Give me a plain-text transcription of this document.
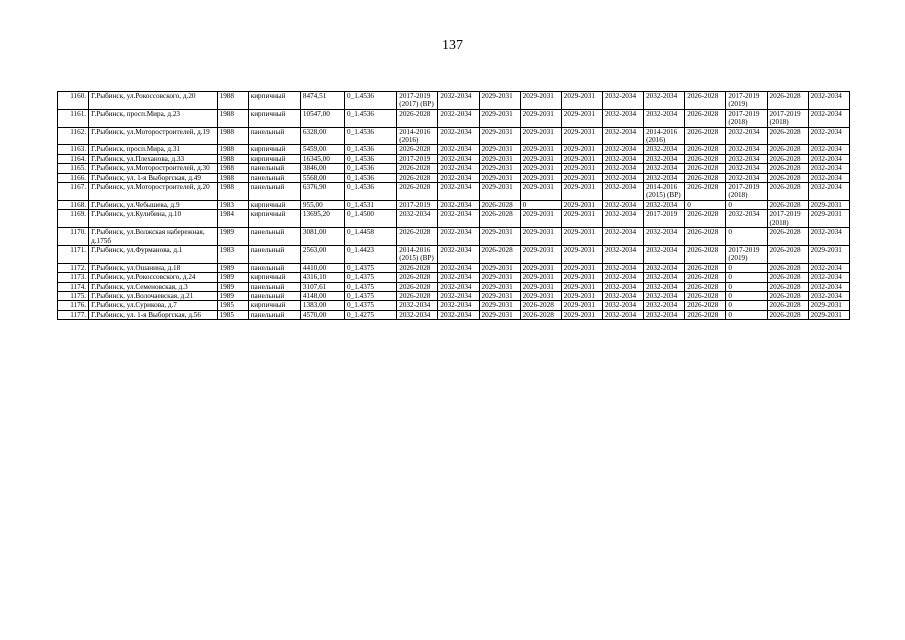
137
1160.	Г.Рыбинск, ул.Рокоссовского, д.20	1988	кирпичный	8474,51	0_1.4536	2017-2019 (2017) (ВР)	2032-2034	2029-2031	2029-2031	2029-2031	2032-2034	2032-2034	2026-2028	2017-2019 (2019)	2026-2028	2032-2034
1161.	Г.Рыбинск, просп.Мира, д.23	1988	кирпичный	10547,00	0_1.4536	2026-2028	2032-2034	2029-2031	2029-2031	2029-2031	2032-2034	2032-2034	2026-2028	2017-2019 (2018)	2017-2019 (2018)	2032-2034
1162.	Г.Рыбинск, ул.Моторостроителей, д.19	1988	панельный	6328,00	0_1.4536	2014-2016 (2016)	2032-2034	2029-2031	2029-2031	2029-2031	2032-2034	2014-2016 (2016)	2026-2028	2032-2034	2026-2028	2032-2034
1163.	Г.Рыбинск, просп.Мира, д.31	1988	кирпичный	5459,00	0_1.4536	2026-2028	2032-2034	2029-2031	2029-2031	2029-2031	2032-2034	2032-2034	2026-2028	2032-2034	2026-2028	2032-2034
1164.	Г.Рыбинск, ул.Плеханова, д.33	1988	кирпичный	16345,00	0_1.4536	2017-2019	2032-2034	2029-2031	2029-2031	2029-2031	2032-2034	2032-2034	2026-2028	2032-2034	2026-2028	2032-2034
1165.	Г.Рыбинск, ул.Моторостроителей, д.30	1988	панельный	3846,00	0_1.4536	2026-2028	2032-2034	2029-2031	2029-2031	2029-2031	2032-2034	2032-2034	2026-2028	2032-2034	2026-2028	2032-2034
1166.	Г.Рыбинск, ул. 1-я Выборгская, д.49	1988	панельный	5568,00	0_1.4536	2026-2028	2032-2034	2029-2031	2029-2031	2029-2031	2032-2034	2032-2034	2026-2028	2032-2034	2026-2028	2032-2034
1167.	Г.Рыбинск, ул.Моторостроителей, д.20	1988	панельный	6376,90	0_1.4536	2026-2028	2032-2034	2029-2031	2029-2031	2029-2031	2032-2034	2014-2016 (2015) (ВР)	2026-2028	2017-2019 (2018)	2026-2028	2032-2034
1168.	Г.Рыбинск, ул.Чебышева, д.9	1983	кирпичный	955,00	0_1.4531	2017-2019	2032-2034	2026-2028	0	2029-2031	2032-2034	2032-2034	0	0	2026-2028	2029-2031
1169.	Г.Рыбинск, ул.Кулибина, д.10	1984	кирпичный	13695,20	0_1.4500	2032-2034	2032-2034	2026-2028	2029-2031	2029-2031	2032-2034	2017-2019	2026-2028	2032-2034	2017-2019 (2018)	2029-2031
1170.	Г.Рыбинск, ул.Волжская набережная, д.175б	1989	панельный	3081,00	0_1.4458	2026-2028	2032-2034	2029-2031	2029-2031	2029-2031	2032-2034	2032-2034	2026-2028	0	2026-2028	2032-2034
1171.	Г.Рыбинск, ул.Фурманова, д.1	1983	панельный	2563,00	0_1.4423	2014-2016 (2015) (ВР)	2032-2034	2026-2028	2029-2031	2029-2031	2032-2034	2032-2034	2026-2028	2017-2019 (2019)	2026-2028	2029-2031
1172.	Г.Рыбинск, ул.Ошанина, д.18	1989	панельный	4410,00	0_1.4375	2026-2028	2032-2034	2029-2031	2029-2031	2029-2031	2032-2034	2032-2034	2026-2028	0	2026-2028	2032-2034
1173.	Г.Рыбинск, ул.Рокоссовского, д.24	1989	кирпичный	4316,10	0_1.4375	2026-2028	2032-2034	2029-2031	2029-2031	2029-2031	2032-2034	2032-2034	2026-2028	0	2026-2028	2032-2034
1174.	Г.Рыбинск, ул.Семеновская, д.3	1989	панельный	3107,61	0_1.4375	2026-2028	2032-2034	2029-2031	2029-2031	2029-2031	2032-2034	2032-2034	2026-2028	0	2026-2028	2032-2034
1175.	Г.Рыбинск, ул.Волочаевская, д.21	1989	панельный	4148,00	0_1.4375	2026-2028	2032-2034	2029-2031	2029-2031	2029-2031	2032-2034	2032-2034	2026-2028	0	2026-2028	2032-2034
1176.	Г.Рыбинск, ул.Сурикова, д.7	1985	кирпичный	1383,00	0_1.4375	2032-2034	2032-2034	2029-2031	2026-2028	2029-2031	2032-2034	2032-2034	2026-2028	0	2026-2028	2029-2031
1177.	Г.Рыбинск, ул. 1-я Выборгская, д.56	1985	панельный	4570,00	0_1.4275	2032-2034	2032-2034	2029-2031	2026-2028	2029-2031	2032-2034	2032-2034	2026-2028	0	2026-2028	2029-2031
